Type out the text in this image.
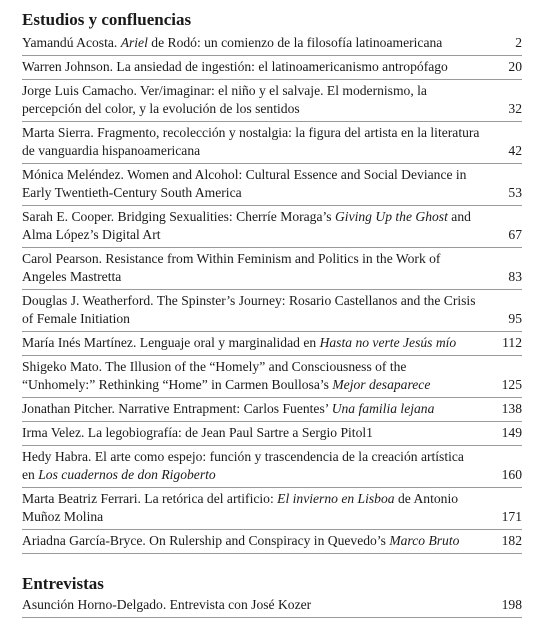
Estudios y confluencias
Yamandú Acosta. Ariel de Rodó: un comienzo de la filosofía latinoamericana	2
Warren Johnson. La ansiedad de ingestión: el latinoamericanismo antropófago	20
Jorge Luis Camacho. Ver/imaginar: el niño y el salvaje. El modernismo, la percepción del color, y la evolución de los sentidos	32
Marta Sierra. Fragmento, recolección y nostalgia: la figura del artista en la literatura de vanguardia hispanoamericana	42
Mónica Meléndez. Women and Alcohol: Cultural Essence and Social Deviance in Early Twentieth-Century South America	53
Sarah E. Cooper. Bridging Sexualities: Cherríe Moraga’s Giving Up the Ghost and Alma López’s Digital Art	67
Carol Pearson. Resistance from Within Feminism and Politics in the Work of Angeles Mastretta	83
Douglas J. Weatherford. The Spinster’s Journey: Rosario Castellanos and the Crisis of Female Initiation	95
María Inés Martínez. Lenguaje oral y marginalidad en Hasta no verte Jesús mío	112
Shigeko Mato. The Illusion of the “Homely” and Consciousness of the “Unhomely:” Rethinking “Home” in Carmen Boullosa’s Mejor desaparece	125
Jonathan Pitcher. Narrative Entrapment: Carlos Fuentes’ Una familia lejana	138
Irma Velez. La legobiografía: de Jean Paul Sartre a Sergio Pitol1	149
Hedy Habra. El arte como espejo: función y trascendencia de la creación artística en Los cuadernos de don Rigoberto	160
Marta Beatriz Ferrari. La retórica del artificio: El invierno en Lisboa de Antonio Muñoz Molina	171
Ariadna García-Bryce. On Rulership and Conspiracy in Quevedo’s Marco Bruto	182
Entrevistas
Asunción Horno-Delgado. Entrevista con José Kozer	198
